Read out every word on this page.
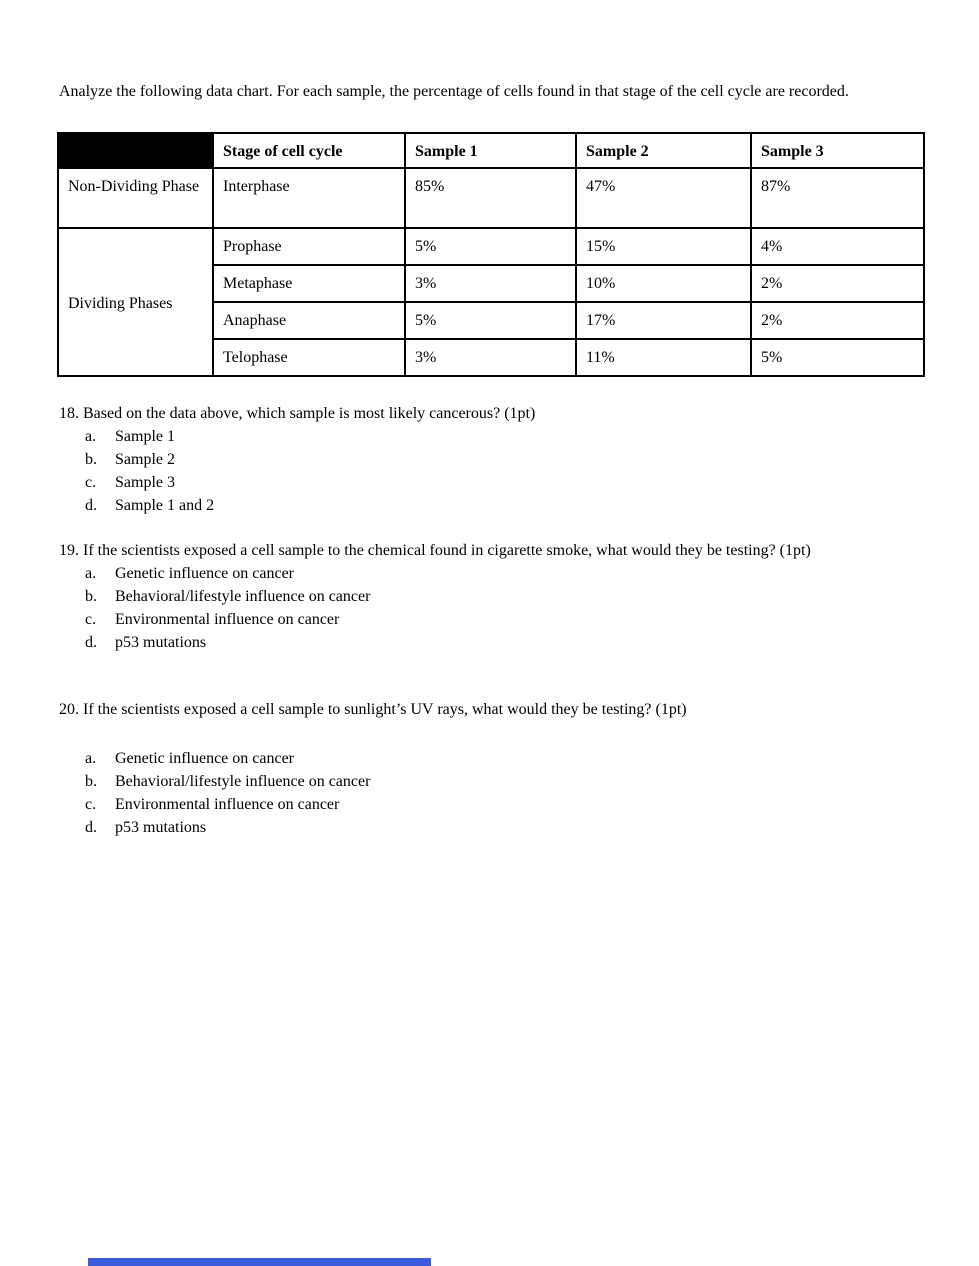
Analyze the following data chart. For each sample, the percentage of cells found in that stage of the cell cycle are recorded.

	Stage of cell cycle	Sample 1	Sample 2	Sample 3
Non-Dividing Phase	Interphase	85%	47%	87%
Dividing Phases	Prophase	5%	15%	4%
	Metaphase	3%	10%	2%
	Anaphase	5%	17%	2%
	Telophase	3%	11%	5%
18. Based on the data above, which sample is most likely cancerous? (1pt)
a.	Sample 1
b.	Sample 2
c.	Sample 3
d.	Sample 1 and 2
19. If the scientists exposed a cell sample to the chemical found in cigarette smoke, what would they be testing? (1pt)
a.	Genetic influence on cancer
b.	Behavioral/lifestyle influence on cancer
c.	Environmental influence on cancer
d.	p53 mutations
20. If the scientists exposed a cell sample to sunlight’s UV rays, what would they be testing? (1pt)
a.	Genetic influence on cancer
b.	Behavioral/lifestyle influence on cancer
c.	Environmental influence on cancer
d.	p53 mutations
